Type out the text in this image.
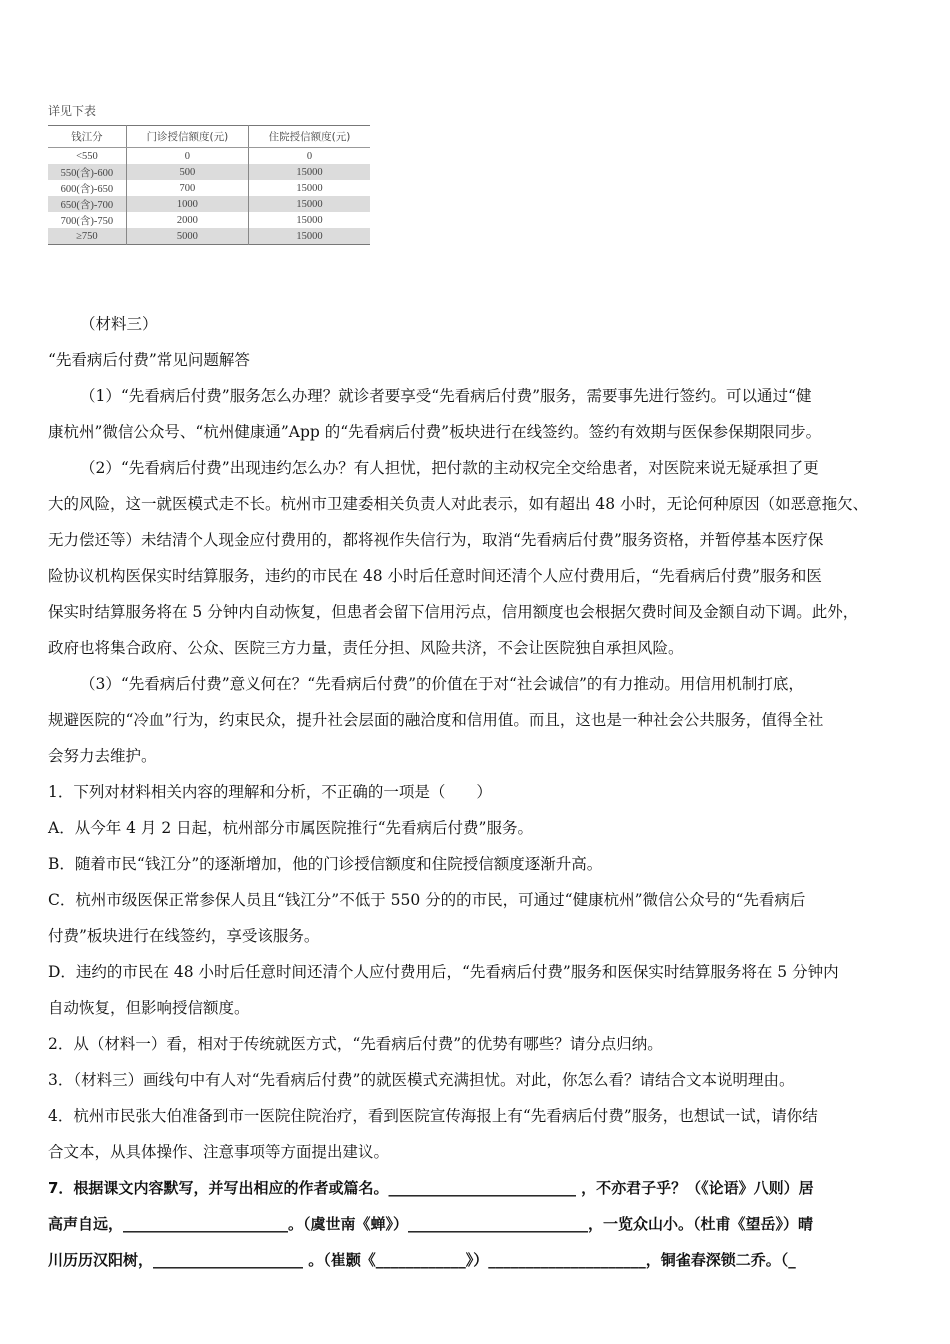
详见下表
钱江分	门诊授信额度(元)	住院授信额度(元)
<550	0	0
550(含)-600	500	15000
600(含)-650	700	15000
650(含)-700	1000	15000
700(含)-750	2000	15000
≥750	5000	15000
（材料三）
“先看病后付费”常见问题解答
（1）“先看病后付费”服务怎么办理？就诊者要享受“先看病后付费”服务，需要事先进行签约。可以通过“健
康杭州”微信公众号、“杭州健康通”App 的“先看病后付费”板块进行在线签约。签约有效期与医保参保期限同步。
（2）“先看病后付费”出现违约怎么办？有人担忧，把付款的主动权完全交给患者，对医院来说无疑承担了更
大的风险，这一就医模式走不长。杭州市卫建委相关负责人对此表示，如有超出 48 小时，无论何种原因（如恶意拖欠、
无力偿还等）未结清个人现金应付费用的，都将视作失信行为，取消“先看病后付费”服务资格，并暂停基本医疗保
险协议机构医保实时结算服务，违约的市民在 48 小时后任意时间还清个人应付费用后，“先看病后付费”服务和医
保实时结算服务将在 5 分钟内自动恢复，但患者会留下信用污点，信用额度也会根据欠费时间及金额自动下调。此外，
政府也将集合政府、公众、医院三方力量，责任分担、风险共济，不会让医院独自承担风险。
（3）“先看病后付费”意义何在？“先看病后付费”的价值在于对“社会诚信”的有力推动。用信用机制打底，
规避医院的“冷血”行为，约束民众，提升社会层面的融洽度和信用值。而且，这也是一种社会公共服务，值得全社
会努力去维护。
1．下列对材料相关内容的理解和分析，不正确的一项是（　　）
A．从今年 4 月 2 日起，杭州部分市属医院推行“先看病后付费”服务。
B．随着市民“钱江分”的逐渐增加，他的门诊授信额度和住院授信额度逐渐升高。
C．杭州市级医保正常参保人员且“钱江分”不低于 550 分的的市民，可通过“健康杭州”微信公众号的“先看病后
付费”板块进行在线签约，享受该服务。
D．违约的市民在 48 小时后任意时间还清个人应付费用后，“先看病后付费”服务和医保实时结算服务将在 5 分钟内
自动恢复，但影响授信额度。
2．从（材料一）看，相对于传统就医方式，“先看病后付费”的优势有哪些？请分点归纳。
3．（材料三）画线句中有人对“先看病后付费”的就医模式充满担忧。对此，你怎么看？请结合文本说明理由。
4．杭州市民张大伯准备到市一医院住院治疗，看到医院宣传海报上有“先看病后付费”服务，也想试一试，请你结
合文本，从具体操作、注意事项等方面提出建议。
7．根据课文内容默写，并写出相应的作者或篇名。_________________________ ，不亦君子乎？（《论语》八则）居
高声自远，______________________。（虞世南《蝉》）________________________，一览众山小。（杜甫《望岳》）晴
川历历汉阳树，____________________ 。（崔颢《____________》）_____________________，铜雀春深锁二乔。（_
